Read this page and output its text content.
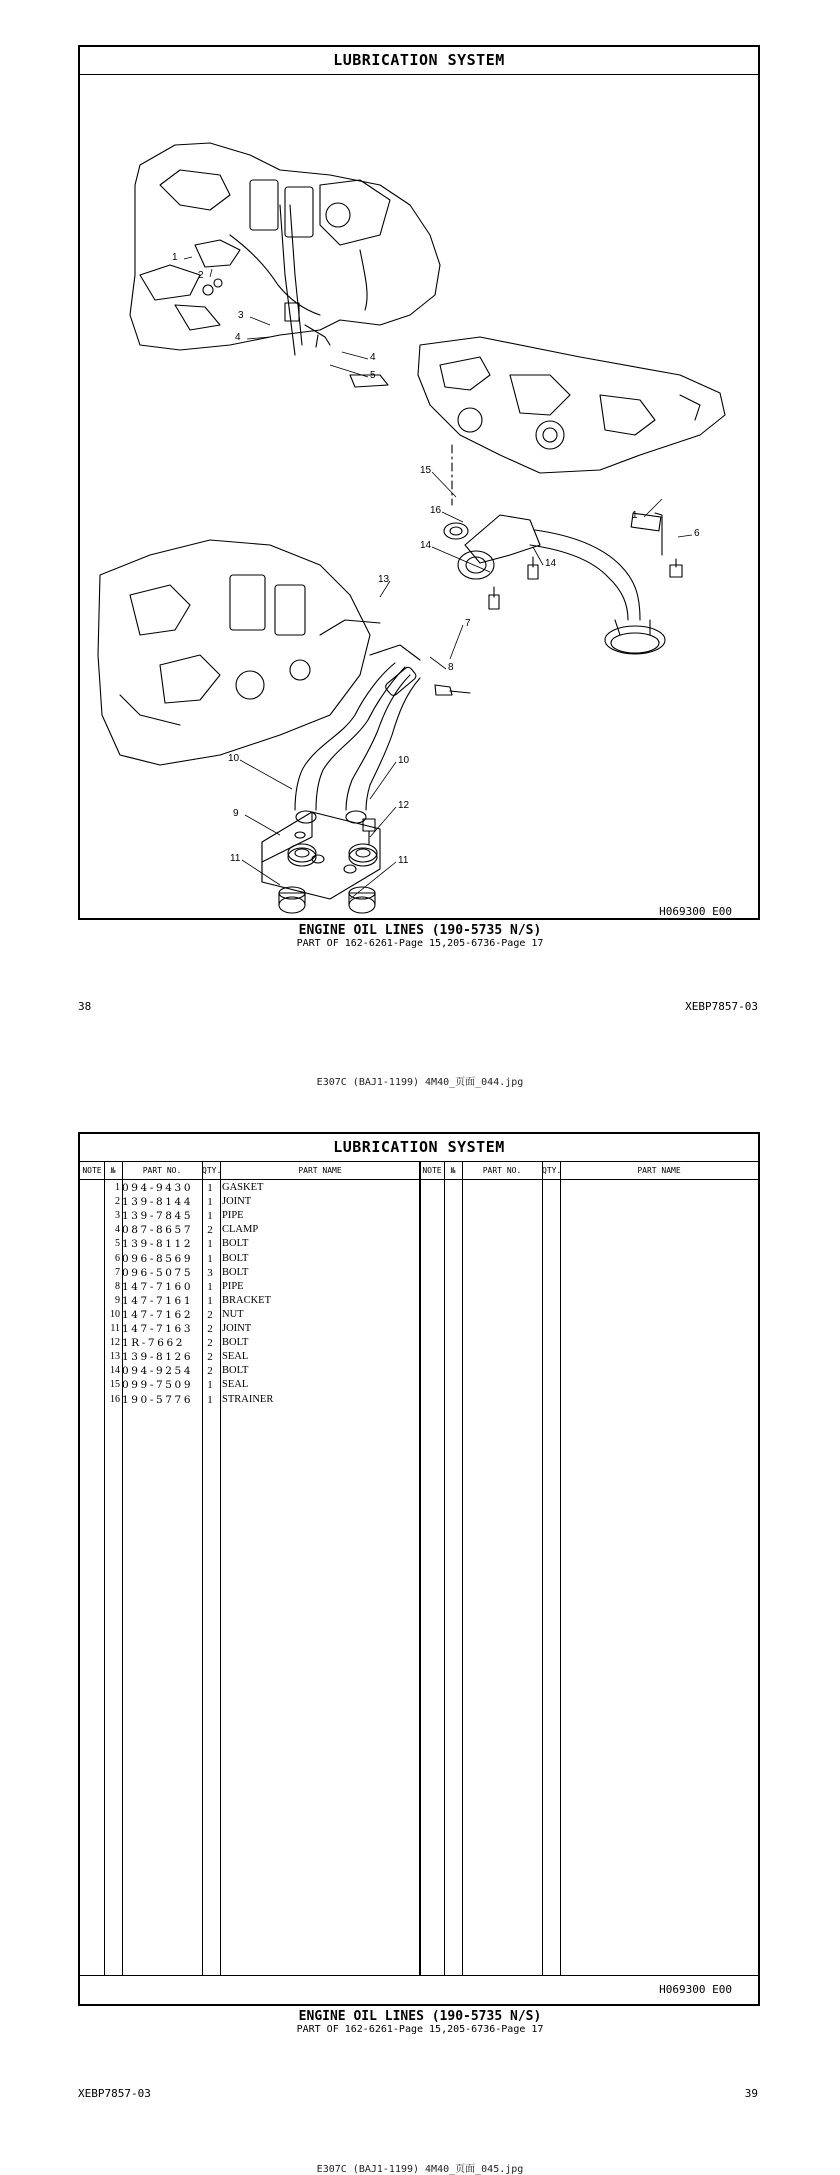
LUBRICATION SYSTEM
1
2
3
4
4
5
15
16
14
14
1
6
13
7
8
10	10
9
12
11	11
H069300 E00
ENGINE OIL LINES (190-5735 N/S)
PART OF 162-6261-Page 15,205-6736-Page 17
38	XEBP7857-03
E307C (BAJ1-1199) 4M40_页面_044.jpg
LUBRICATION SYSTEM
NOTE	№	PART NO.	QTY.	PART NAME	NOTE	№	PART NO.	QTY.	PART NAME
1 094-9430	1 GASKET
2 139-8144	1 JOINT
3 139-7845	1 PIPE
4 087-8657	2 CLAMP
5 139-8112	1 BOLT
6 096-8569	1 BOLT
7 096-5075	3 BOLT
8 147-7160	1 PIPE
9 147-7161	1 BRACKET
10 147-7162	2 NUT
11 147-7163	2 JOINT
12 1R-7662	2 BOLT
13 139-8126	2 SEAL
14 094-9254	2 BOLT
15 099-7509	1 SEAL
16 190-5776	1 STRAINER
H069300 E00
ENGINE OIL LINES (190-5735 N/S)
PART OF 162-6261-Page 15,205-6736-Page 17
XEBP7857-03	39
E307C (BAJ1-1199) 4M40_页面_045.jpg
